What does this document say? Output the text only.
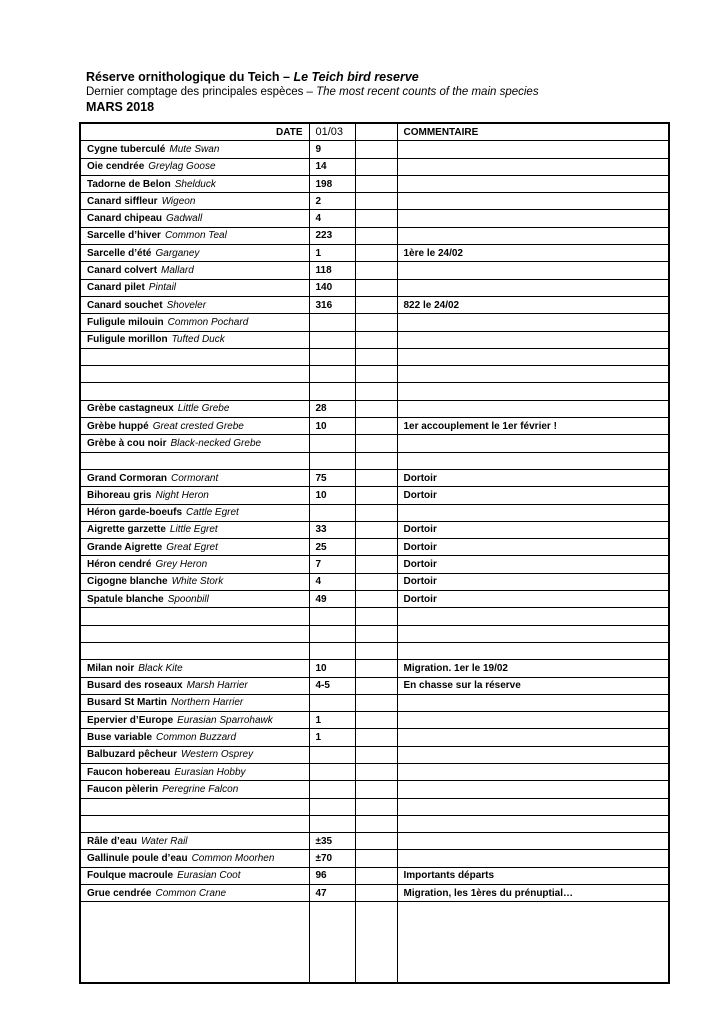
Réserve ornithologique du Teich – Le Teich bird reserve
Dernier comptage des principales espèces – The most recent counts of the main species
MARS 2018
DATE	01/03		COMMENTAIRE
Cygne tuberculé Mute Swan	9		
Oie cendrée Greylag Goose	14		
Tadorne de Belon Shelduck	198		
Canard siffleur Wigeon	2		
Canard chipeau Gadwall	4		
Sarcelle d’hiver Common Teal	223		
Sarcelle d’été Garganey	1		1ère le 24/02
Canard colvert Mallard	118		
Canard pilet Pintail	140		
Canard souchet Shoveler	316		822 le 24/02
Fuligule milouin Common Pochard			
Fuligule morillon Tufted Duck			

Grèbe castagneux Little Grebe	28		
Grèbe huppé Great crested Grebe	10		1er accouplement le 1er février !
Grèbe à cou noir Black-necked Grebe			

Grand Cormoran Cormorant	75		Dortoir
Bihoreau gris Night Heron	10		Dortoir
Héron garde-boeufs Cattle Egret			
Aigrette garzette Little Egret	33		Dortoir
Grande Aigrette Great Egret	25		Dortoir
Héron cendré Grey Heron	7		Dortoir
Cigogne blanche White Stork	4		Dortoir
Spatule blanche Spoonbill	49		Dortoir

Milan noir Black Kite	10		Migration. 1er le 19/02
Busard des roseaux Marsh Harrier	4-5		En chasse sur la réserve
Busard St Martin Northern Harrier			
Epervier d’Europe Eurasian Sparrohawk	1		
Buse variable Common Buzzard	1		
Balbuzard pêcheur Western Osprey			
Faucon hobereau Eurasian Hobby			
Faucon pèlerin Peregrine Falcon			

Râle d’eau Water Rail	±35		
Gallinule poule d’eau Common Moorhen	±70		
Foulque macroule Eurasian Coot	96		Importants départs
Grue cendrée Common Crane	47		Migration, les 1ères du prénuptial…
